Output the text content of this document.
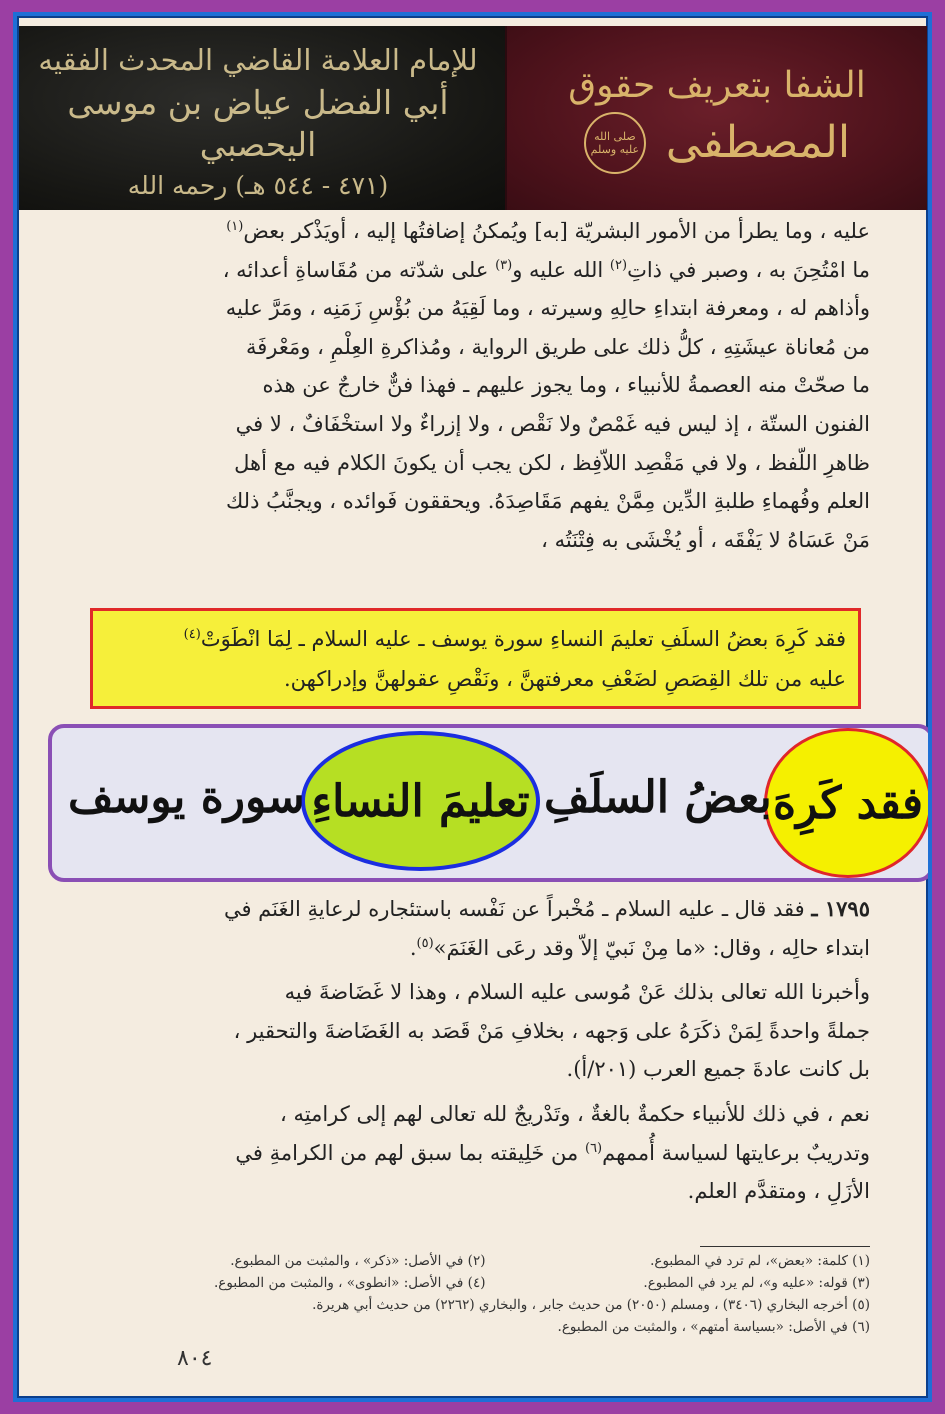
للإمام العلامة القاضي المحدث الفقيه
أبي الفضل عياض بن موسى اليحصبي
(٤٧١ - ٥٤٤ هـ) رحمه الله
الشفا بتعريف حقوق
المصطفى
صلى الله عليه وسلم

عليه ، وما يطرأ من الأمور البشريّة [به] ويُمكنُ إضافتُها إليه ، أويَذْكر بعض$^{(١)}$

ما امْتُحِنَ به ، وصبر في ذاتِ$^{(٢)}$ الله عليه و$^{(٣)}$ على شدّته من مُقَاساةِ أعدائه ،

وأذاهم له ، ومعرفة ابتداءِ حالِهِ وسيرته ، وما لَقِيَهُ من بُؤْسِ زَمَنِه ، ومَرَّ عليه

من مُعاناة عيشَتِهِ ، كلُّ ذلك على طريق الرواية ، ومُذاكرةِ العِلْمِ ، ومَعْرفَة

ما صحّتْ منه العصمةُ للأنبياء ، وما يجوز عليهم ـ فهذا فنٌّ خارجٌ عن هذه

الفنون الستّة ، إذ ليس فيه غَمْصٌ ولا نَقْص ، ولا إزراءٌ ولا استخْفَافٌ ، لا في

ظاهرِ اللّفظ ، ولا في مَقْصِد اللاّفِظ ، لكن يجب أن يكونَ الكلام فيه مع أهل

العلم وفُهماءِ طلبةِ الدِّين مِمَّنْ يفهم مَقَاصِدَهُ. ويحققون فَوائده ، ويجنَّبُ ذلك

مَنْ عَسَاهُ لا يَفْقَه ، أو يُخْشَى به فِتْنَتُه ،

فقد كَرِهَ بعضُ السلَفِ تعليمَ النساءِ سورة يوسف ـ عليه السلام ـ لِمَا انْطَوَتْ$^{(٤)}$
عليه من تلك القِصَصِ لضَعْفِ معرفتهنَّ ، ونَقْصِ عقولهنَّ وإدراكهن.
فقد كَرِهَ
بعضُ السلَفِ
تعليمَ النساءِ
سورة يوسف

١٧٩٥ ـ فقد قال ـ عليه السلام ـ مُخْبراً عن نَفْسه باستئجاره لرعايةِ الغَنَم في

ابتداء حالِه ، وقال: «ما مِنْ نَبيّ إلاّ وقد رعَى الغَنَمَ»$^{(٥)}$.

وأخبرنا الله تعالى بذلك عَنْ مُوسى عليه السلام ، وهذا لا غَضَاضةَ فيه

جملةً واحدةً لِمَنْ ذكَرَهُ على وَجهه ، بخلافِ مَنْ قَصَد به الغَضَاضةَ والتحقير ،

بل كانت عادةَ جميع العرب (٢٠١/أ).

نعم ، في ذلك للأنبياء حكمةٌ بالغةٌ ، وتَدْريجٌ لله تعالى لهم إلى كرامتِه ،

وتدريبٌ برعايتها لسياسة أُممهم$^{(٦)}$ من خَلِيقته بما سبق لهم من الكرامةِ في

الأزَلِ ، ومتقدَّم العلم.

(١) كلمة: «بعض»، لم ترد في المطبوع.
(٢) في الأصل: «ذكر» ، والمثبت من المطبوع.
(٣) قوله: «عليه و»، لم يرد في المطبوع.
(٤) في الأصل: «انطوى» ، والمثبت من المطبوع.
(٥) أخرجه البخاري (٣٤٠٦) ، ومسلم (٢٠٥٠) من حديث جابر ، والبخاري (٢٢٦٢) من حديث أبي هريرة.
(٦) في الأصل: «بسياسة أمتهم» ، والمثبت من المطبوع.
٨٠٤
